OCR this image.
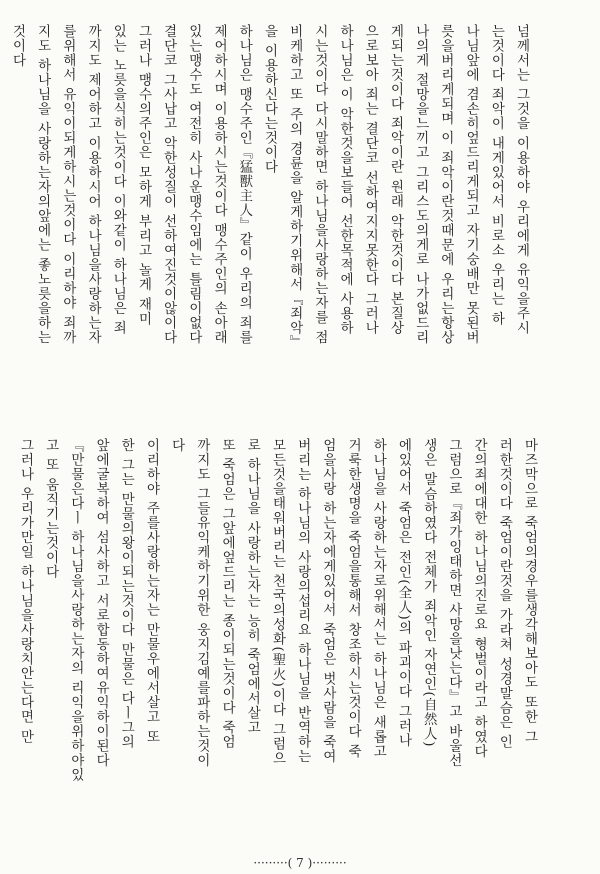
넘께서는 그것을 이용하야 우리에게 유익을주시
는것이다 죄악이 내게있어서 비로소 우리는 하
나님앞에 겸손히엎드리게되고 자기숭배만 못된버
릇을버리게되며 이 죄악이란것때문에 우리는항상
나의게 절망을느끼고 그리스도의게로 나가없드리
게되는것이다 죄악이란 원래 악한것이다 본질상
으로보아 죄는 결단코 선하여지지못한다 그러나
하나님은 이 악한것을보들어 선한목적에 사용하
시는것이다 다시말하면 하나님을사랑하는자를 점
비케하고 또 주의 경륜을 알게하기위해서『죄악』
을 이용하신다는것이다
하나님은 맹수주인『猛獸主人』같이 우리의 죄를
제어하시며 이용하시는것이다 맹수주인의 손아래
있는맹수도 여전히 사나운맹수임에는 틀림이없다
결단코 그사납고 악한성질이 선하여진것이않이다
그러나 맹수의주인은 모하게 부리고 놀게 재미
있는 노릇을식히는것이다 이와같이 하나님은 죄
까지도 제어하고 이용하시어 하나님을사랑하는자
를위해서 유익이되게하시는것이다 이리하야 죄까
지도 하나님을 사랑하는자의앞에는 좋노릇을하는
것이다
마즈막으로 죽엄의경우를생각해보아도 또한 그
러한것이다 죽엄이란것을 가라쳐 성경말슴은 인
간의죄에대한 하나님의진로요 형벌이라고 하였다
그럼으로『죄가잉태하면 사망을낫는다』고 바울선
생은 말슴하였다 전체가 죄악인 자연인(自然人)
에있어서 죽엄은 전인(全人)의 파괴이다 그러나
하나님을 사랑하는자로위해서는 하나님은 새롭고
거룩한생명을 죽엄을통해서 창조하시는것이다 죽
엄을사랑 하는자에게있어서 죽엄은 벗사람을 죽여
버리는 하나님의 사랑의섭리요 하나님을 반역하는
모든것을태워버리는 천국의성화(聖火)이다 그럼으
로 하나님을 사랑하는자는 능히 죽엄에서살고
또 죽엄은 그앞에엎드리는 종이되는것이다 죽엄
까지도 그들유익케하기위한 웅지김예를파하는것이
다
이리하야 주를사랑하는자는 만물우에서살고 또
한 그는 만물의왕이되는것이다 만물은 다ㅣ그의
앞에굴복하여 섬사하고 서로합동하여유익하이된다
『만물은다ㅣ 하나님을사랑하는자의 리익을위하야있
고 또 움직기는것이다
그러나 우리가만일 하나님을사랑치안는다면 만
·········( 7 )·········
